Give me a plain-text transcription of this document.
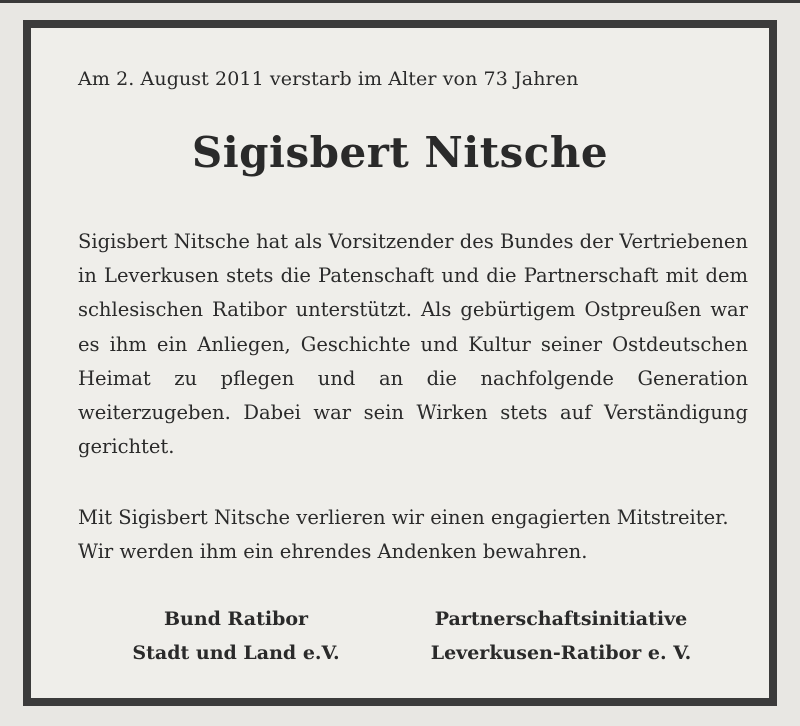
Am 2. August 2011 verstarb im Alter von 73 Jahren

Sigisbert Nitsche

Sigisbert Nitsche hat als Vorsitzender des Bundes der Vertriebenen in Leverkusen stets die Patenschaft und die Partnerschaft mit dem schlesischen Ratibor unterstützt. Als gebürtigem Ostpreußen war es ihm ein Anliegen, Geschichte und Kultur seiner Ostdeutschen Heimat zu pflegen und an die nachfolgende Generation weiterzugeben. Dabei war sein Wirken stets auf Verständigung gerichtet.

Mit Sigisbert Nitsche verlieren wir einen engagierten Mitstreiter.
Wir werden ihm ein ehrendes Andenken bewahren.

Bund Ratibor
Stadt und Land e.V.
Partnerschaftsinitiative
Leverkusen-Ratibor e. V.
